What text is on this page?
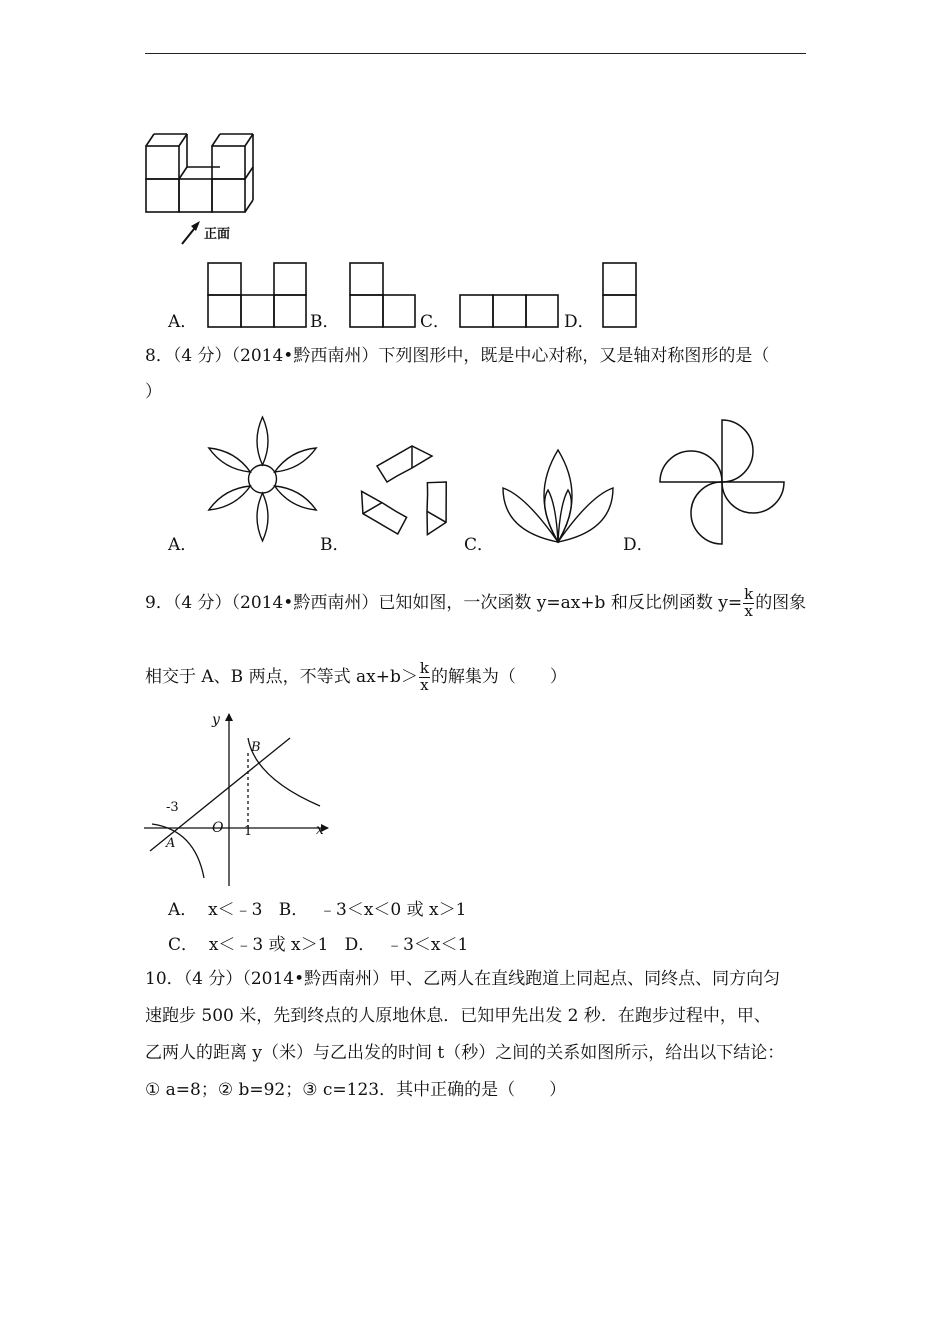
正面
A．	B．	C．	D．
8．（4 分）（2014•黔西南州）下列图形中，既是中心对称，又是轴对称图形的是（
）
A．	B．	C．	D．
9．（4 分）（2014•黔西南州）已知如图，一次函数 y=ax+b 和反比例函数 $y= \frac{k}{x}$ 的图象
相交于 A、B 两点，不等式 $ax+b> \frac{k}{x}$ 的解集为（　　）
y
x
O
A
B
-3
1
A．  x＜﹣3   B．  ﹣3＜x＜0 或 x＞1
C．  x＜﹣3 或 x＞1   D．  ﹣3＜x＜1
10．（4 分）（2014•黔西南州）甲、乙两人在直线跑道上同起点、同终点、同方向匀
速跑步 500 米，先到终点的人原地休息．已知甲先出发 2 秒．在跑步过程中，甲、
乙两人的距离 y（米）与乙出发的时间 t（秒）之间的关系如图所示，给出以下结论：
① a=8；② b=92；③ c=123．其中正确的是（　　）
